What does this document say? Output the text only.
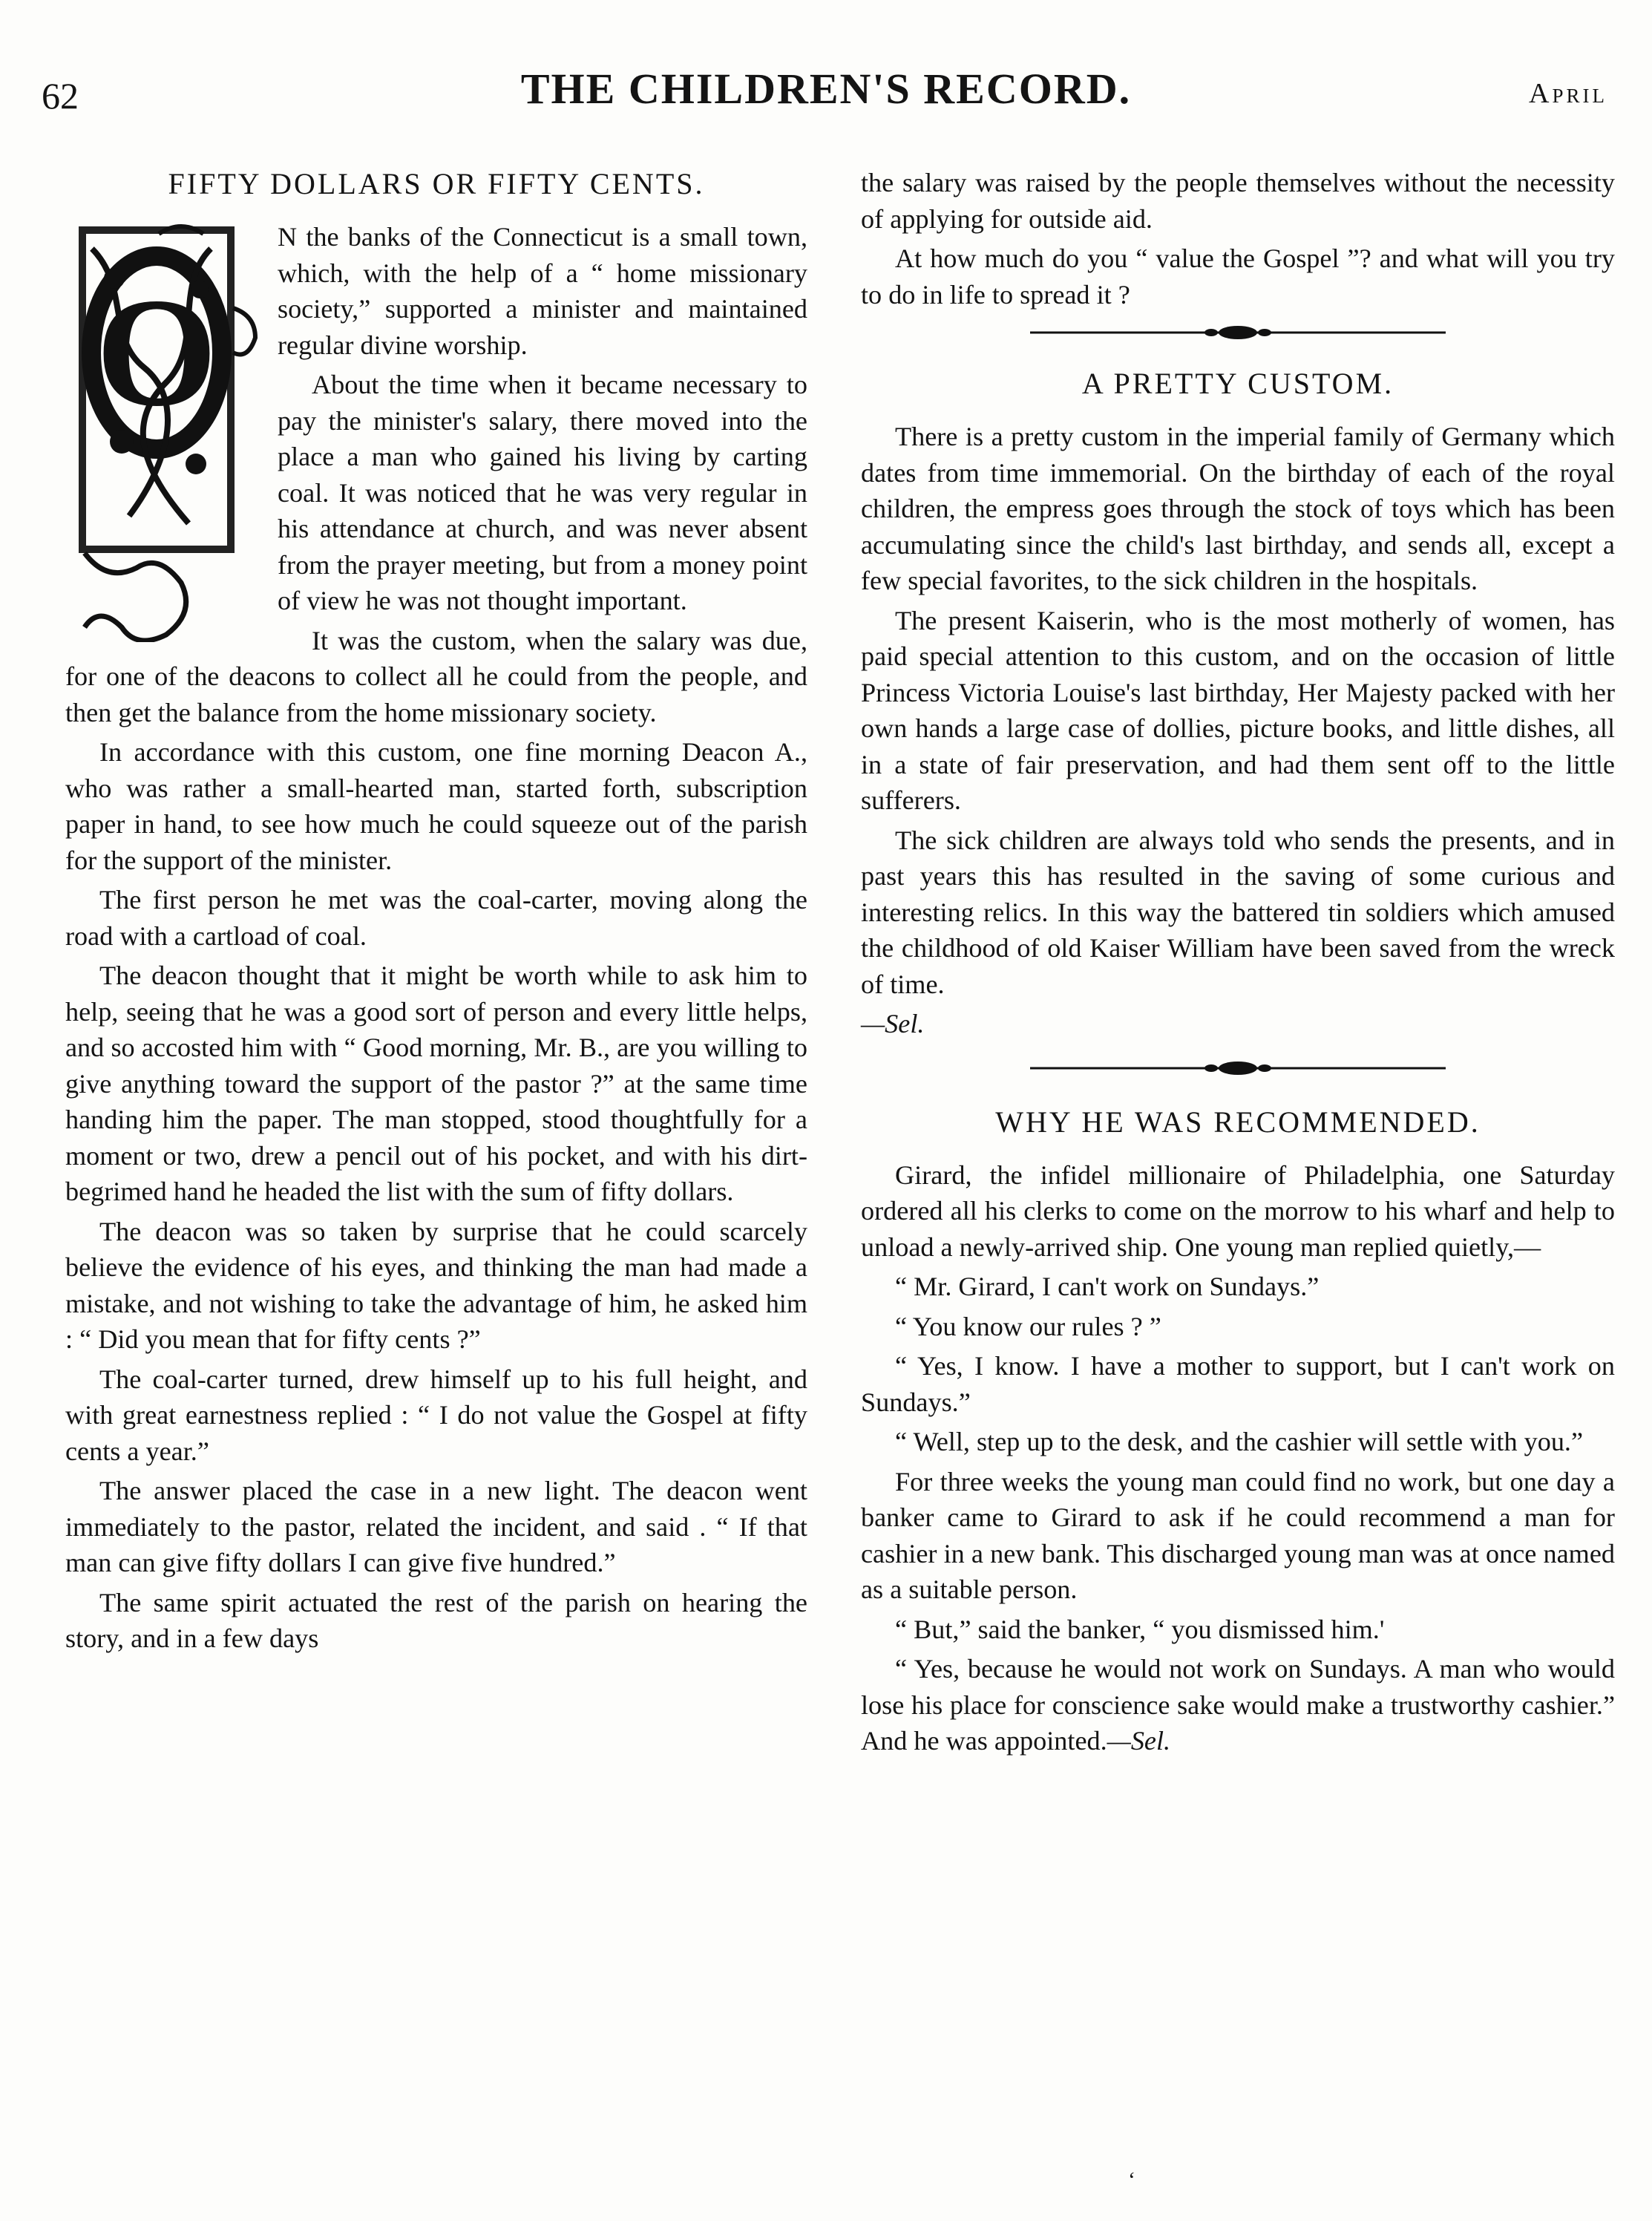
62	THE CHILDREN'S RECORD.	April
FIFTY DOLLARS OR FIFTY CENTS.
O

N the banks of the Connecticut is a small town, which, with the help of a “ home missionary society,” supported a minister and maintained regular divine worship.

About the time when it became necessary to pay the minister's salary, there moved into the place a man who gained his living by carting coal. It was noticed that he was very regular in his attendance at church, and was never absent from the prayer meeting, but from a money point of view he was not thought important.

It was the custom, when the salary was due, for one of the deacons to collect all he could from the people, and then get the balance from the home missionary society.

In accordance with this custom, one fine morning Deacon A., who was rather a small-hearted man, started forth, subscription paper in hand, to see how much he could squeeze out of the parish for the support of the minister.

The first person he met was the coal-carter, moving along the road with a cartload of coal.

The deacon thought that it might be worth while to ask him to help, seeing that he was a good sort of person and every little helps, and so accosted him with “ Good morning, Mr. B., are you willing to give anything toward the support of the pastor ?” at the same time handing him the paper. The man stopped, stood thoughtfully for a moment or two, drew a pencil out of his pocket, and with his dirt-begrimed hand he headed the list with the sum of fifty dollars.

The deacon was so taken by surprise that he could scarcely believe the evidence of his eyes, and thinking the man had made a mistake, and not wishing to take the advantage of him, he asked him : “ Did you mean that for fifty cents ?”

The coal-carter turned, drew himself up to his full height, and with great earnestness replied : “ I do not value the Gospel at fifty cents a year.”

The answer placed the case in a new light. The deacon went immediately to the pastor, related the incident, and said . “ If that man can give fifty dollars I can give five hundred.”

The same spirit actuated the rest of the parish on hearing the story, and in a few days

the salary was raised by the people themselves without the necessity of applying for outside aid.

At how much do you “ value the Gospel ”? and what will you try to do in life to spread it ?

A PRETTY CUSTOM.

There is a pretty custom in the imperial family of Germany which dates from time immemorial. On the birthday of each of the royal children, the empress goes through the stock of toys which has been accumulating since the child's last birthday, and sends all, except a few special favorites, to the sick children in the hospitals.

The present Kaiserin, who is the most motherly of women, has paid special attention to this custom, and on the occasion of little Princess Victoria Louise's last birthday, Her Majesty packed with her own hands a large case of dollies, picture books, and little dishes, all in a state of fair preservation, and had them sent off to the little sufferers.

The sick children are always told who sends the presents, and in past years this has resulted in the saving of some curious and interesting relics. In this way the battered tin soldiers which amused the childhood of old Kaiser William have been saved from the wreck of time.

—Sel.

WHY HE WAS RECOMMENDED.

Girard, the infidel millionaire of Philadelphia, one Saturday ordered all his clerks to come on the morrow to his wharf and help to unload a newly-arrived ship. One young man replied quietly,—

“ Mr. Girard, I can't work on Sundays.”

“ You know our rules ? ”

“ Yes, I know. I have a mother to support, but I can't work on Sundays.”

“ Well, step up to the desk, and the cashier will settle with you.”

For three weeks the young man could find no work, but one day a banker came to Girard to ask if he could recommend a man for cashier in a new bank. This discharged young man was at once named as a suitable person.

“ But,” said the banker, “ you dismissed him.'

“ Yes, because he would not work on Sundays. A man who would lose his place for conscience sake would make a trustworthy cashier.” And he was appointed.—Sel.

‘
